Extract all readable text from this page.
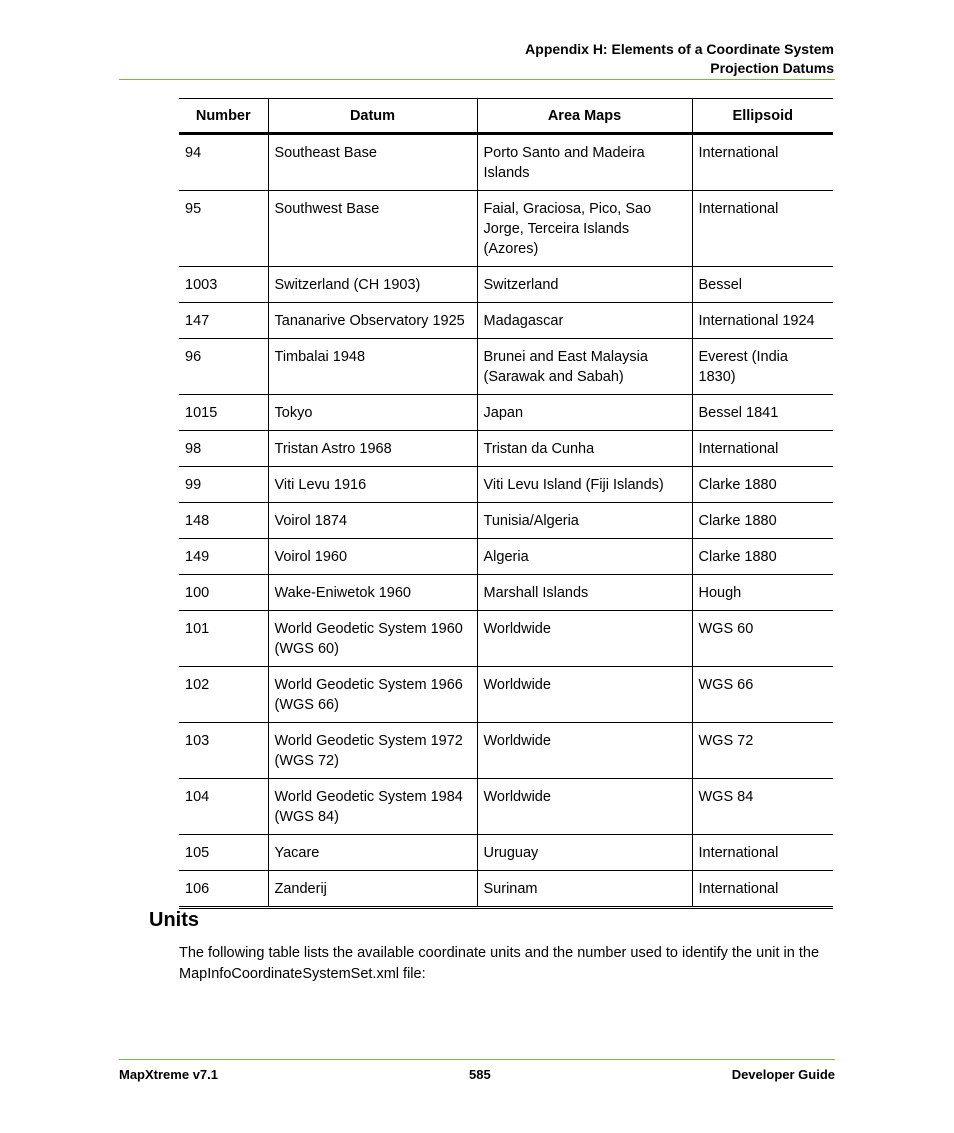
Appendix H: Elements of a Coordinate System
Projection Datums
Number	Datum	Area Maps	Ellipsoid
94	Southeast Base	Porto Santo and Madeira Islands	International
95	Southwest Base	Faial, Graciosa, Pico, Sao Jorge, Terceira Islands (Azores)	International
1003	Switzerland (CH 1903)	Switzerland	Bessel
147	Tananarive Observatory 1925	Madagascar	International 1924
96	Timbalai 1948	Brunei and East Malaysia (Sarawak and Sabah)	Everest (India 1830)
1015	Tokyo	Japan	Bessel 1841
98	Tristan Astro 1968	Tristan da Cunha	International
99	Viti Levu 1916	Viti Levu Island (Fiji Islands)	Clarke 1880
148	Voirol 1874	Tunisia/Algeria	Clarke 1880
149	Voirol 1960	Algeria	Clarke 1880
100	Wake-Eniwetok 1960	Marshall Islands	Hough
101	World Geodetic System 1960 (WGS 60)	Worldwide	WGS 60
102	World Geodetic System 1966 (WGS 66)	Worldwide	WGS 66
103	World Geodetic System 1972 (WGS 72)	Worldwide	WGS 72
104	World Geodetic System 1984 (WGS 84)	Worldwide	WGS 84
105	Yacare	Uruguay	International
106	Zanderij	Surinam	International
Units

The following table lists the available coordinate units and the number used to identify the unit in the MapInfoCoordinateSystemSet.xml file:

MapXtreme v7.1	585	Developer Guide
